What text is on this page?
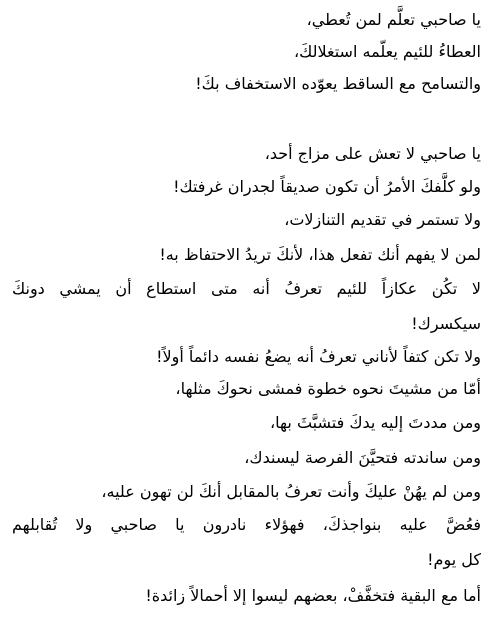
يا صاحبي تعلَّم لمن تُعطي،
العطاءُ للئيم يعلّمه استغلالكَ،
والتسامح مع الساقط يعوّده الاستخفاف بكَ!
يا صاحبي لا تعش على مزاج أحد،
ولو كلَّفكَ الأمرُ أن تكون صديقاً لجدران غرفتك!
ولا تستمر في تقديم التنازلات،
لمن لا يفهم أنك تفعل هذا، لأنكَ تريدُ الاحتفاظ به!
لا تكُن عكازاً للئيم تعرفُ أنه متى استطاع أن يمشي دونكَ
سيكسرك!
ولا تكن كتفاً لأناني تعرفُ أنه يضعُ نفسه دائماً أولاً!
أمّا من مشيتَ نحوه خطوة فمشى نحوكَ مثلها،
ومن مددتَ إليه يدكَ فتشبَّثَ بها،
ومن ساندته فتحيَّنَ الفرصة ليسندك،
ومن لم يهُنْ عليكَ وأنت تعرفُ بالمقابل أنكَ لن تهون عليه،
فعُضَّ عليه بنواجذكَ، فهؤلاء نادرون يا صاحبي ولا تُقابلهم
كل يوم!
أما مع البقية فتخفَّفْ، بعضهم ليسوا إلا أحمالاً زائدة!
